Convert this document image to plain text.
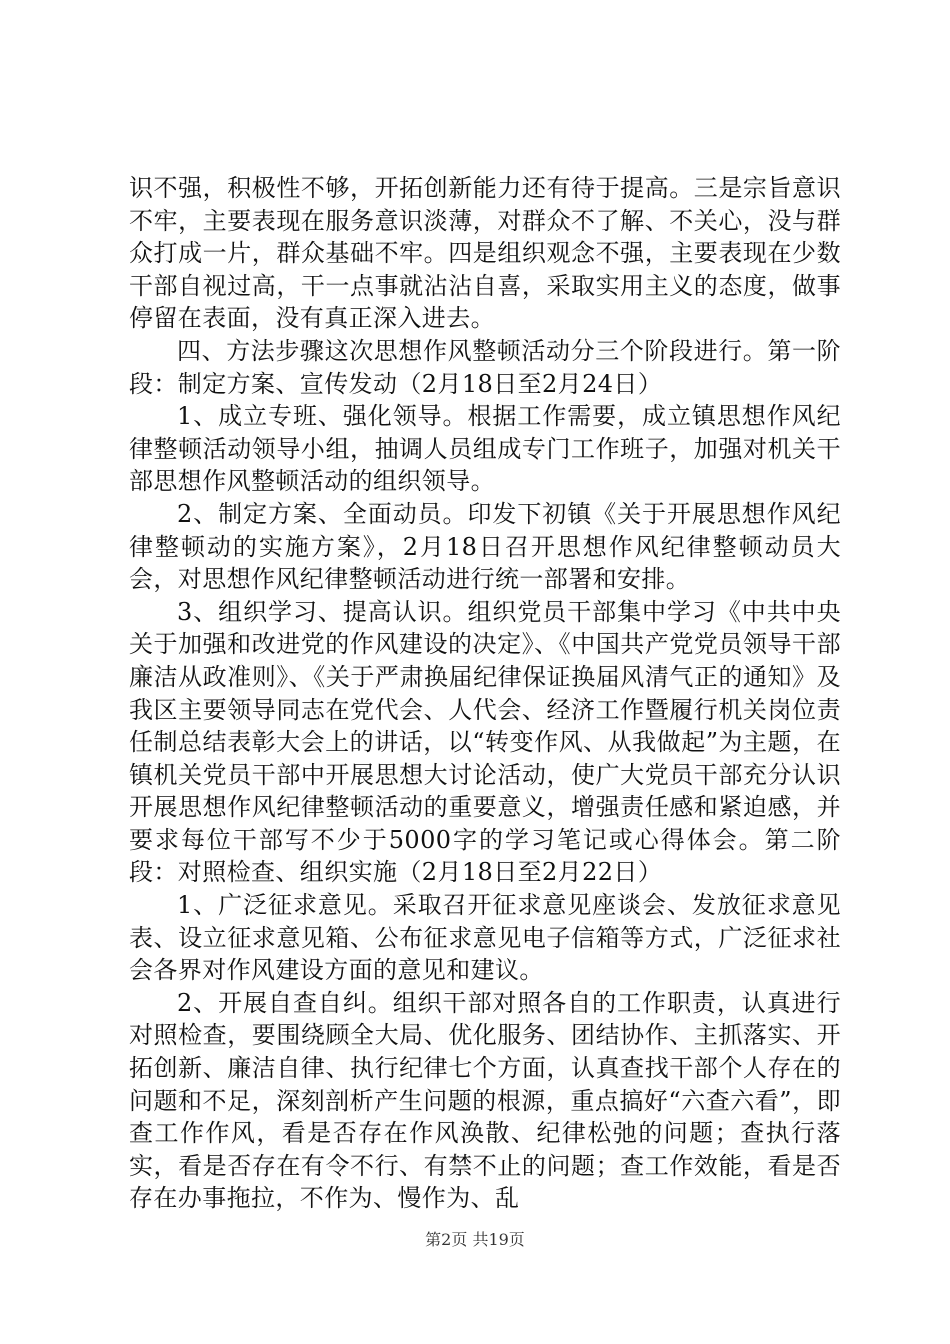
识不强，积极性不够，开拓创新能力还有待于提高。三是宗旨意识不牢，主要表现在服务意识淡薄，对群众不了解、不关心，没与群众打成一片，群众基础不牢。四是组织观念不强，主要表现在少数干部自视过高，干一点事就沾沾自喜，采取实用主义的态度，做事停留在表面，没有真正深入进去。

四、方法步骤这次思想作风整顿活动分三个阶段进行。第一阶段：制定方案、宣传发动（2月18日至2月24日）

1、成立专班、强化领导。根据工作需要，成立镇思想作风纪律整顿活动领导小组，抽调人员组成专门工作班子，加强对机关干部思想作风整顿活动的组织领导。

2、制定方案、全面动员。印发下初镇《关于开展思想作风纪律整顿动的实施方案》，2月18日召开思想作风纪律整顿动员大会，对思想作风纪律整顿活动进行统一部署和安排。

3、组织学习、提高认识。组织党员干部集中学习《中共中央关于加强和改进党的作风建设的决定》、《中国共产党党员领导干部廉洁从政准则》、《关于严肃换届纪律保证换届风清气正的通知》及我区主要领导同志在党代会、人代会、经济工作暨履行机关岗位责任制总结表彰大会上的讲话，以“转变作风、从我做起”为主题，在镇机关党员干部中开展思想大讨论活动，使广大党员干部充分认识开展思想作风纪律整顿活动的重要意义，增强责任感和紧迫感，并要求每位干部写不少于5000字的学习笔记或心得体会。第二阶段：对照检查、组织实施（2月18日至2月22日）

1、广泛征求意见。采取召开征求意见座谈会、发放征求意见表、设立征求意见箱、公布征求意见电子信箱等方式，广泛征求社会各界对作风建设方面的意见和建议。

2、开展自查自纠。组织干部对照各自的工作职责，认真进行对照检查，要围绕顾全大局、优化服务、团结协作、主抓落实、开拓创新、廉洁自律、执行纪律七个方面，认真查找干部个人存在的问题和不足，深刻剖析产生问题的根源，重点搞好“六查六看”，即查工作作风，看是否存在作风涣散、纪律松弛的问题；查执行落实，看是否存在有令不行、有禁不止的问题；查工作效能，看是否存在办事拖拉，不作为、慢作为、乱

第2页 共19页
